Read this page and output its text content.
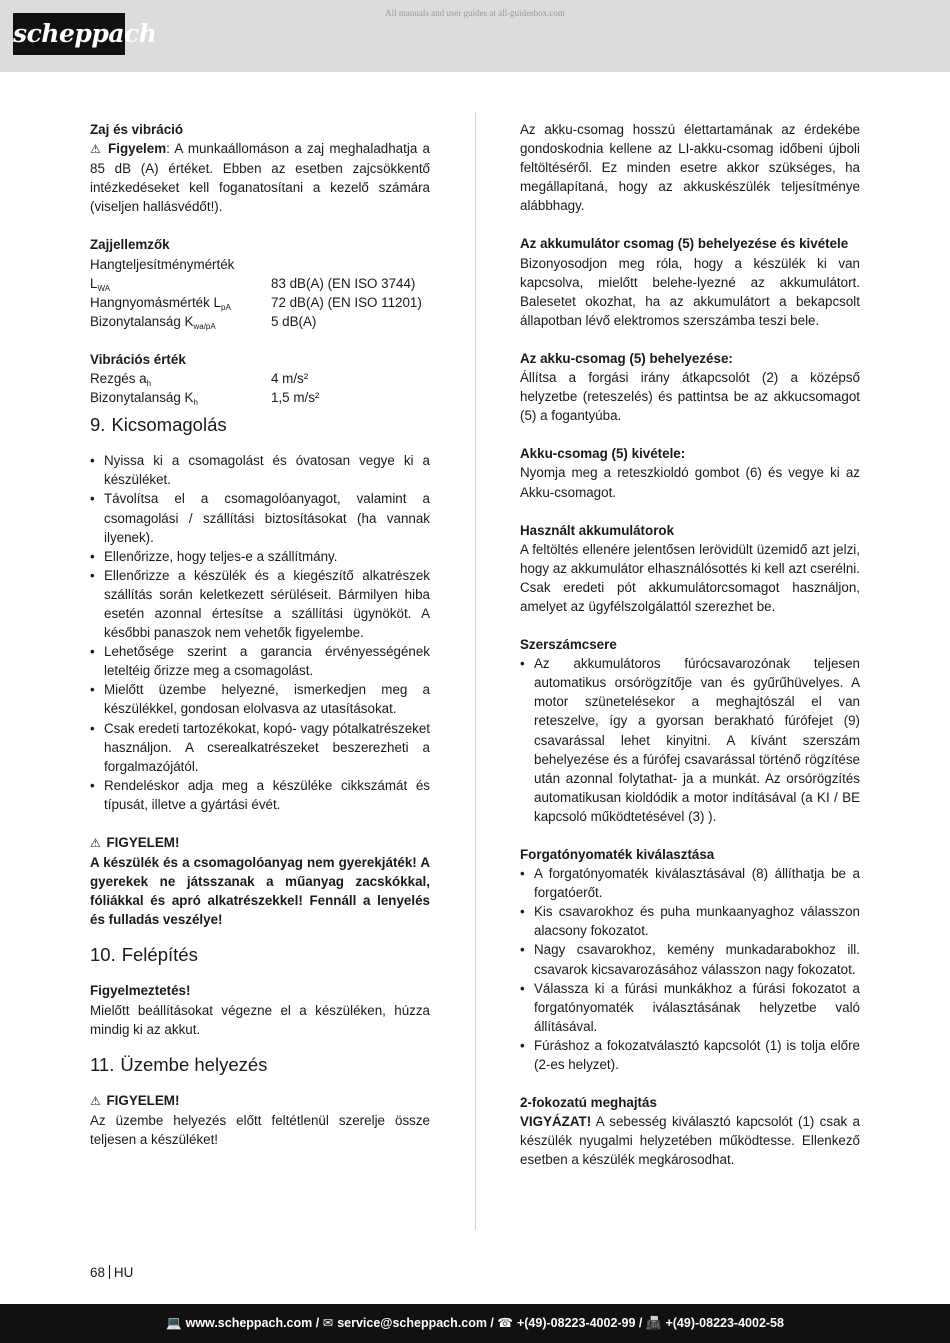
scheppach
All manuals and user guides at all-guidesbox.com
Zaj és vibráció
⚠ Figyelem: A munkaállomáson a zaj meghaladhatja a 85 dB (A) értéket. Ebben az esetben zajcsökkentő intézkedéseket kell foganatosítani a kezelő számára (viseljen hallásvédőt!).
Zajjellemzők
Hangteljesítménymérték
$L_{WA}$	83 dB(A) (EN ISO 3744)
Hangnyomásmérték $L_{pA}$	72 dB(A) (EN ISO 11201)
Bizonytalanság $K_{wa/pA}$	5 dB(A)
Vibrációs érték
Rezgés $a_h$	4 m/s²
Bizonytalanság $K_h$	1,5 m/s²
9. Kicsomagolás
• Nyissa ki a csomagolást és óvatosan vegye ki a készüléket.
• Távolítsa el a csomagolóanyagot, valamint a csomagolási / szállítási biztosításokat (ha vannak ilyenek).
• Ellenőrizze, hogy teljes-e a szállítmány.
• Ellenőrizze a készülék és a kiegészítő alkatrészek szállítás során keletkezett sérüléseit. Bármilyen hiba esetén azonnal értesítse a szállítási ügynököt. A későbbi panaszok nem vehetők figyelembe.
• Lehetősége szerint a garancia érvényességének leteltéig őrizze meg a csomagolást.
• Mielőtt üzembe helyezné, ismerkedjen meg a készülékkel, gondosan elolvasva az utasításokat.
• Csak eredeti tartozékokat, kopó- vagy pótalkatrészeket használjon. A cserealkatrészeket beszerezheti a forgalmazójától.
• Rendeléskor adja meg a készüléke cikkszámát és típusát, illetve a gyártási évét.
⚠ FIGYELEM!
A készülék és a csomagolóanyag nem gyerekjáték! A gyerekek ne játsszanak a műanyag zacskókkal, fóliákkal és apró alkatrészekkel! Fennáll a lenyelés és fulladás veszélye!
10. Felépítés
Figyelmeztetés!
Mielőtt beállításokat végezne el a készüléken, húzza mindig ki az akkut.
11. Üzembe helyezés
⚠ FIGYELEM!
Az üzembe helyezés előtt feltétlenül szerelje össze teljesen a készüléket!
Az akku-csomag hosszú élettartamának az érdekébe gondoskodnia kellene az LI-akku-csomag időbeni újboli feltöltéséről. Ez minden esetre akkor szükséges, ha megállapítaná, hogy az akkuskészülék teljesítménye alábbhagy.
Az akkumulátor csomag (5) behelyezése és kivétele
Bizonyosodjon meg róla, hogy a készülék ki van kapcsolva, mielőtt belehe-lyezné az akkumulátort. Balesetet okozhat, ha az akkumulátort a bekapcsolt állapotban lévő elektromos szerszámba teszi bele.
Az akku-csomag (5) behelyezése:
Állítsa a forgási irány átkapcsolót (2) a középső helyzetbe (reteszelés) és pattintsa be az akkucsomagot (5) a fogantyúba.
Akku-csomag (5) kivétele:
Nyomja meg a reteszkioldó gombot (6) és vegye ki az Akku-csomagot.
Használt akkumulátorok
A feltöltés ellenére jelentősen lerövidült üzemidő azt jelzi, hogy az akkumulátor elhasználósottés ki kell azt cserélni. Csak eredeti pót akkumulátorcsomagot használjon, amelyet az ügyfélszolgálattól szerezhet be.
Szerszámcsere
• Az akkumulátoros fúrócsavarozónak teljesen automatikus orsórögzítője van és gyűrűhüvelyes. A motor szünetelésekor a meghajtószál el van reteszelve, így a gyorsan berakható fúrófejet (9) csavarással lehet kinyitni. A kívánt szerszám behelyezése és a fúrófej csavarással történő rögzítése után azonnal folytathat- ja a munkát. Az orsórögzítés automatikusan kioldódik a motor indításával (a KI / BE kapcsoló működtetésével (3) ).
Forgatónyomaték kiválasztása
• A forgatónyomaték kiválasztásával (8) állíthatja be a forgatóerőt.
• Kis csavarokhoz és puha munkaanyaghoz válasszon alacsony fokozatot.
• Nagy csavarokhoz, kemény munkadarabokhoz ill. csavarok kicsavarozásához válasszon nagy fokozatot.
• Válassza ki a fúrási munkákhoz a fúrási fokozatot a forgatónyomaték iválasztásának helyzetbe való állításával.
• Fúráshoz a fokozatválasztó kapcsolót (1) is tolja előre (2-es helyzet).
2-fokozatú meghajtás
VIGYÁZAT! A sebesség kiválasztó kapcsolót (1) csak a készülék nyugalmi helyzetében működtesse. Ellenkező esetben a készülék megkárosodhat.
68 HU
💻 www.scheppach.com / ✉ service@scheppach.com / ☎ +(49)-08223-4002-99 / 📠 +(49)-08223-4002-58
